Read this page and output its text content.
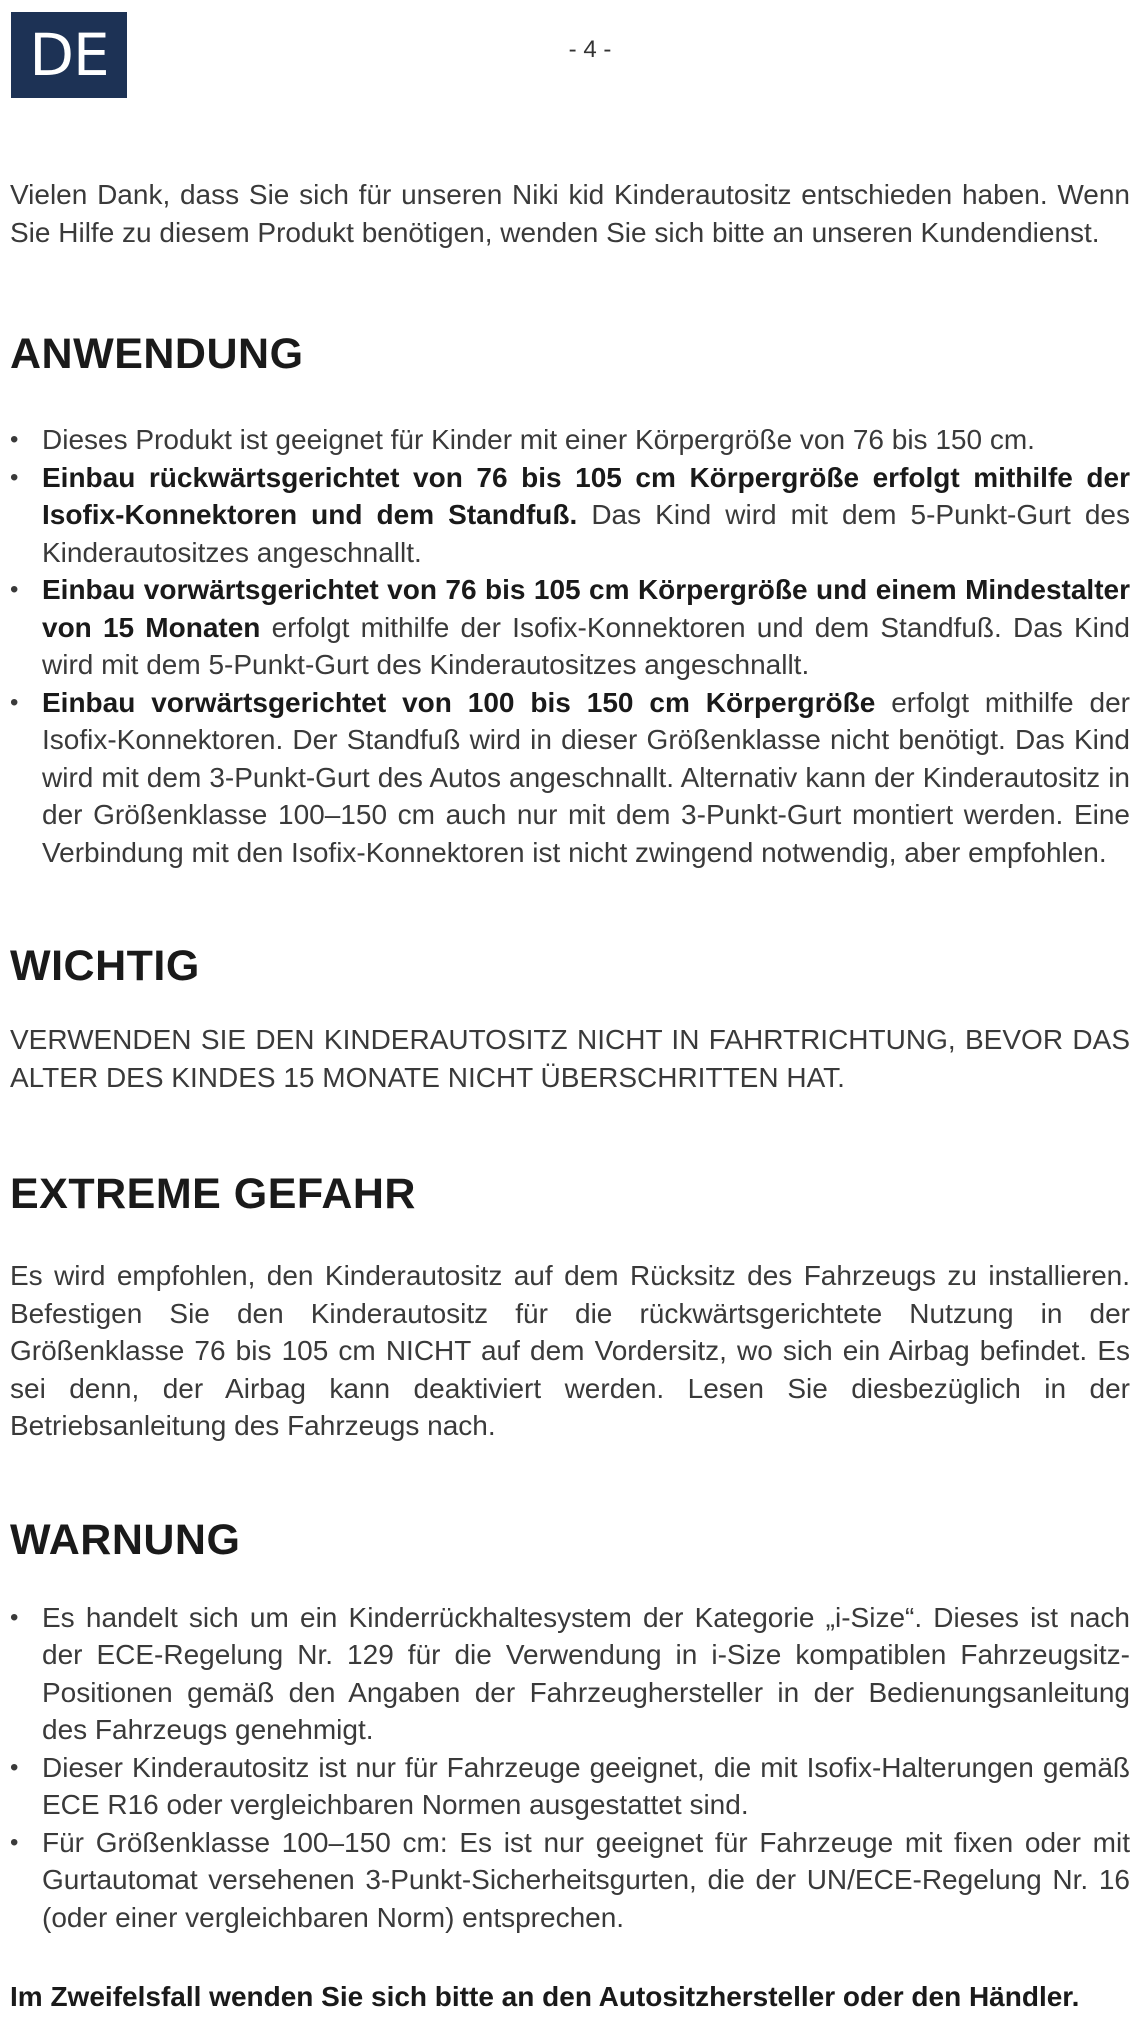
DE	- 4 -

Vielen Dank, dass Sie sich für unseren Niki kid Kinderautositz entschieden haben. Wenn Sie Hilfe zu diesem Produkt benötigen, wenden Sie sich bitte an unseren Kundendienst.

ANWENDUNG
• Dieses Produkt ist geeignet für Kinder mit einer Körpergröße von 76 bis 150 cm.
• Einbau rückwärtsgerichtet von 76 bis 105 cm Körpergröße erfolgt mithilfe der Isofix-Konnektoren und dem Standfuß. Das Kind wird mit dem 5-Punkt-Gurt des Kinderautositzes angeschnallt.
• Einbau vorwärtsgerichtet von 76 bis 105 cm Körpergröße und einem Mindestalter von 15 Monaten erfolgt mithilfe der Isofix-Konnektoren und dem Standfuß. Das Kind wird mit dem 5-Punkt-Gurt des Kinderautositzes angeschnallt.
• Einbau vorwärtsgerichtet von 100 bis 150 cm Körpergröße erfolgt mithilfe der Isofix-Konnektoren. Der Standfuß wird in dieser Größenklasse nicht benötigt. Das Kind wird mit dem 3-Punkt-Gurt des Autos angeschnallt. Alternativ kann der Kinderautositz in der Größenklasse 100–150 cm auch nur mit dem 3-Punkt-Gurt montiert werden. Eine Verbindung mit den Isofix-Konnektoren ist nicht zwingend notwendig, aber empfohlen.
WICHTIG

VERWENDEN SIE DEN KINDERAUTOSITZ NICHT IN FAHRTRICHTUNG, BEVOR DAS ALTER DES KINDES 15 MONATE NICHT ÜBERSCHRITTEN HAT.

EXTREME GEFAHR

Es wird empfohlen, den Kinderautositz auf dem Rücksitz des Fahrzeugs zu installieren. Befestigen Sie den Kinderautositz für die rückwärtsgerichtete Nutzung in der Größenklasse 76 bis 105 cm NICHT auf dem Vordersitz, wo sich ein Airbag befindet. Es sei denn, der Airbag kann deaktiviert werden. Lesen Sie diesbezüglich in der Betriebsanleitung des Fahrzeugs nach.

WARNUNG
• Es handelt sich um ein Kinderrückhaltesystem der Kategorie „i-Size“. Dieses ist nach der ECE-Regelung Nr. 129 für die Verwendung in i-Size kompatiblen Fahrzeugsitz-Positionen gemäß den Angaben der Fahrzeughersteller in der Bedienungsanleitung des Fahrzeugs genehmigt.
• Dieser Kinderautositz ist nur für Fahrzeuge geeignet, die mit Isofix-Halterungen gemäß ECE R16 oder vergleichbaren Normen ausgestattet sind.
• Für Größenklasse 100–150 cm: Es ist nur geeignet für Fahrzeuge mit fixen oder mit Gurtautomat versehenen 3-Punkt-Sicherheitsgurten, die der UN/ECE-Regelung Nr. 16 (oder einer vergleichbaren Norm) entsprechen.

Im Zweifelsfall wenden Sie sich bitte an den Autositzhersteller oder den Händler.
